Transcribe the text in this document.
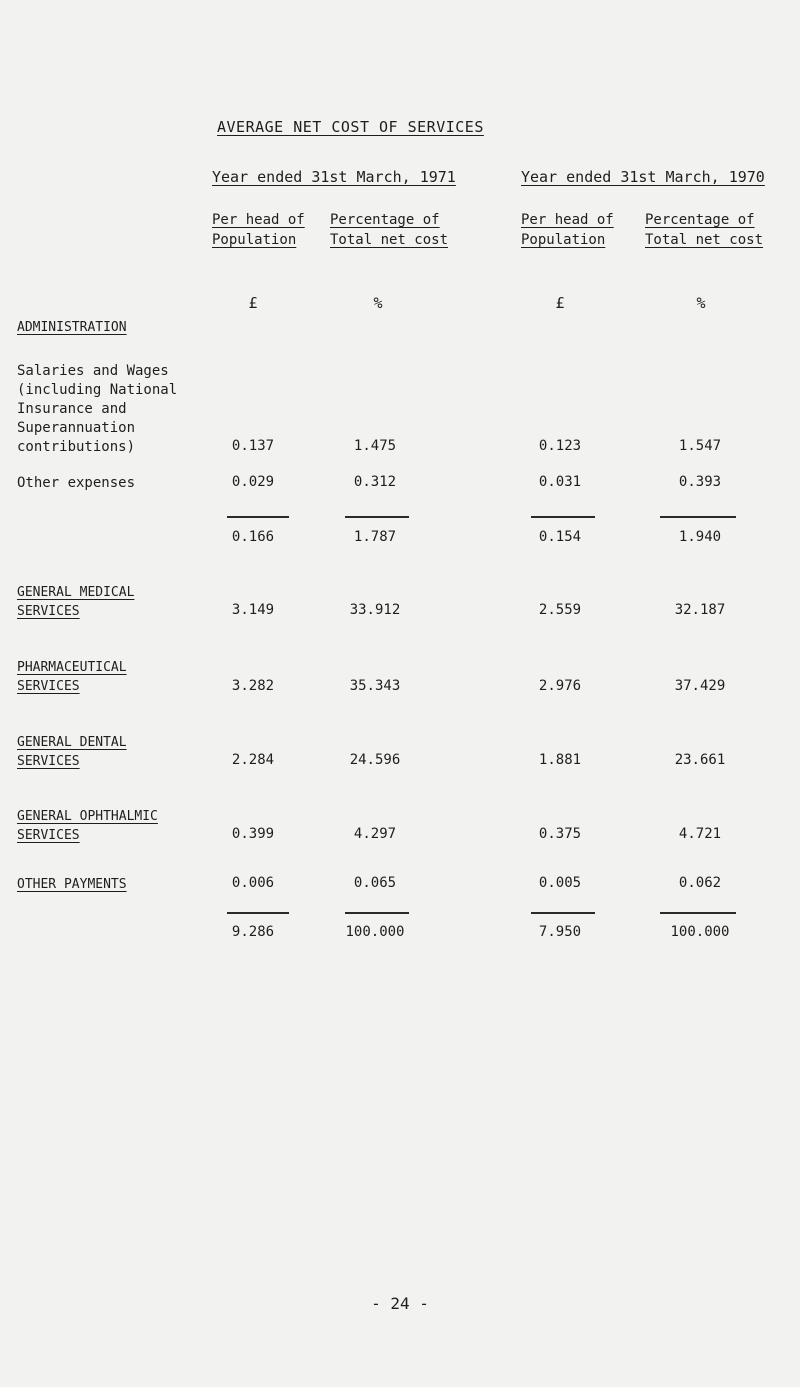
AVERAGE NET COST OF SERVICES
Year ended 31st March, 1971	Year ended 31st March, 1970
Per head of
Population
Percentage of
Total net cost
Per head of
Population
Percentage of
Total net cost
£	%	£	%
ADMINISTRATION
Salaries and Wages
(including National
Insurance and
Superannuation
contributions)	0.137	1.475	0.123	1.547
Other expenses	0.029	0.312	0.031	0.393
0.166	1.787	0.154	1.940
GENERAL MEDICAL
SERVICES	3.149	33.912	2.559	32.187
PHARMACEUTICAL
SERVICES	3.282	35.343	2.976	37.429
GENERAL DENTAL
SERVICES	2.284	24.596	1.881	23.661
GENERAL OPHTHALMIC
SERVICES	0.399	4.297	0.375	4.721
OTHER PAYMENTS	0.006	0.065	0.005	0.062
9.286	100.000	7.950	100.000
- 24 -
